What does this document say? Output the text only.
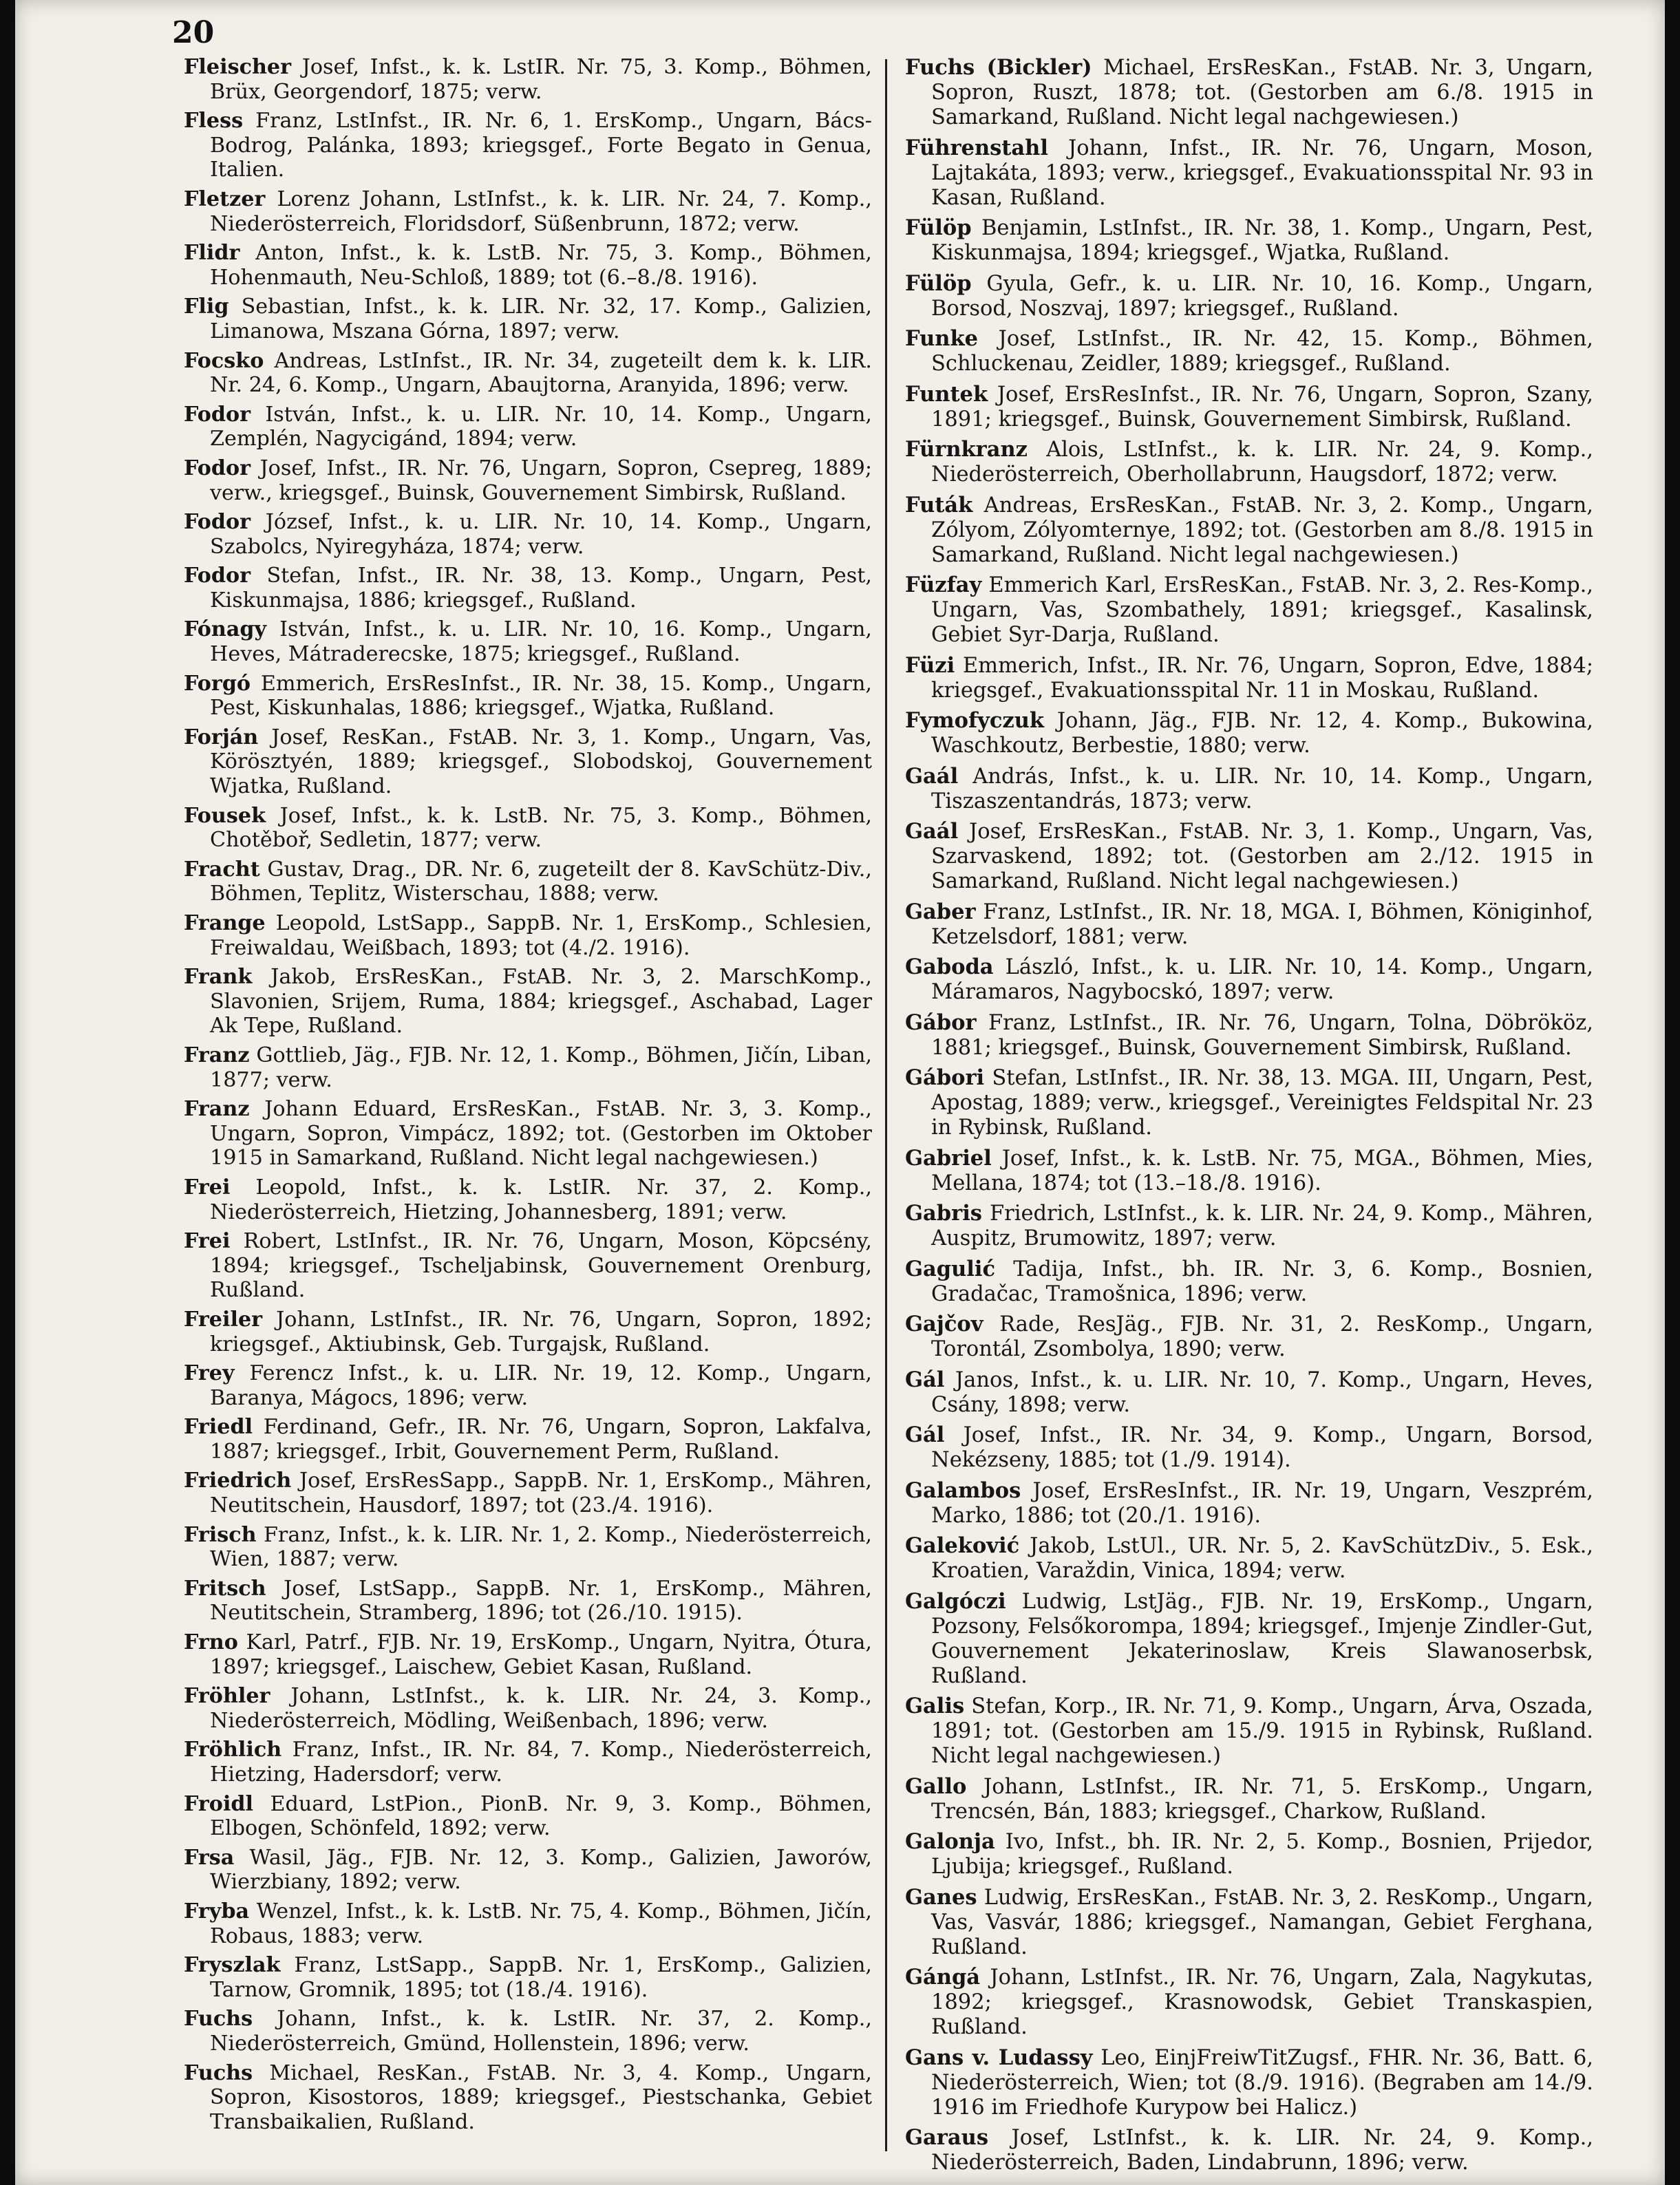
20

Fleischer Josef, Infst., k. k. LstIR. Nr. 75, 3. Komp., Böhmen, Brüx, Georgendorf, 1875; verw.

Fless Franz, LstInfst., IR. Nr. 6, 1. ErsKomp., Ungarn, Bács-Bodrog, Palánka, 1893; kriegsgef., Forte Begato in Genua, Italien.

Fletzer Lorenz Johann, LstInfst., k. k. LIR. Nr. 24, 7. Komp., Niederösterreich, Floridsdorf, Süßenbrunn, 1872; verw.

Flidr Anton, Infst., k. k. LstB. Nr. 75, 3. Komp., Böhmen, Hohenmauth, Neu-Schloß, 1889; tot (6.–8./8. 1916).

Flig Sebastian, Infst., k. k. LIR. Nr. 32, 17. Komp., Galizien, Limanowa, Mszana Górna, 1897; verw.

Focsko Andreas, LstInfst., IR. Nr. 34, zugeteilt dem k. k. LIR. Nr. 24, 6. Komp., Ungarn, Abaujtorna, Aranyida, 1896; verw.

Fodor István, Infst., k. u. LIR. Nr. 10, 14. Komp., Ungarn, Zemplén, Nagycigánd, 1894; verw.

Fodor Josef, Infst., IR. Nr. 76, Ungarn, Sopron, Csepreg, 1889; verw., kriegsgef., Buinsk, Gouvernement Simbirsk, Rußland.

Fodor József, Infst., k. u. LIR. Nr. 10, 14. Komp., Ungarn, Szabolcs, Nyiregyháza, 1874; verw.

Fodor Stefan, Infst., IR. Nr. 38, 13. Komp., Ungarn, Pest, Kiskunmajsa, 1886; kriegsgef., Rußland.

Fónagy István, Infst., k. u. LIR. Nr. 10, 16. Komp., Ungarn, Heves, Mátraderecske, 1875; kriegsgef., Rußland.

Forgó Emmerich, ErsResInfst., IR. Nr. 38, 15. Komp., Ungarn, Pest, Kiskunhalas, 1886; kriegsgef., Wjatka, Rußland.

Forján Josef, ResKan., FstAB. Nr. 3, 1. Komp., Ungarn, Vas, Körösztyén, 1889; kriegsgef., Slobodskoj, Gouvernement Wjatka, Rußland.

Fousek Josef, Infst., k. k. LstB. Nr. 75, 3. Komp., Böhmen, Chotěboř, Sedletin, 1877; verw.

Fracht Gustav, Drag., DR. Nr. 6, zugeteilt der 8. KavSchütz-Div., Böhmen, Teplitz, Wisterschau, 1888; verw.

Frange Leopold, LstSapp., SappB. Nr. 1, ErsKomp., Schlesien, Freiwaldau, Weißbach, 1893; tot (4./2. 1916).

Frank Jakob, ErsResKan., FstAB. Nr. 3, 2. MarschKomp., Slavonien, Srijem, Ruma, 1884; kriegsgef., Aschabad, Lager Ak Tepe, Rußland.

Franz Gottlieb, Jäg., FJB. Nr. 12, 1. Komp., Böhmen, Jičín, Liban, 1877; verw.

Franz Johann Eduard, ErsResKan., FstAB. Nr. 3, 3. Komp., Ungarn, Sopron, Vimpácz, 1892; tot. (Gestorben im Oktober 1915 in Samarkand, Rußland. Nicht legal nachgewiesen.)

Frei Leopold, Infst., k. k. LstIR. Nr. 37, 2. Komp., Niederösterreich, Hietzing, Johannesberg, 1891; verw.

Frei Robert, LstInfst., IR. Nr. 76, Ungarn, Moson, Köpcsény, 1894; kriegsgef., Tscheljabinsk, Gouvernement Orenburg, Rußland.

Freiler Johann, LstInfst., IR. Nr. 76, Ungarn, Sopron, 1892; kriegsgef., Aktiubinsk, Geb. Turgajsk, Rußland.

Frey Ferencz Infst., k. u. LIR. Nr. 19, 12. Komp., Ungarn, Baranya, Mágocs, 1896; verw.

Friedl Ferdinand, Gefr., IR. Nr. 76, Ungarn, Sopron, Lakfalva, 1887; kriegsgef., Irbit, Gouvernement Perm, Rußland.

Friedrich Josef, ErsResSapp., SappB. Nr. 1, ErsKomp., Mähren, Neutitschein, Hausdorf, 1897; tot (23./4. 1916).

Frisch Franz, Infst., k. k. LIR. Nr. 1, 2. Komp., Niederösterreich, Wien, 1887; verw.

Fritsch Josef, LstSapp., SappB. Nr. 1, ErsKomp., Mähren, Neutitschein, Stramberg, 1896; tot (26./10. 1915).

Frno Karl, Patrf., FJB. Nr. 19, ErsKomp., Ungarn, Nyitra, Ótura, 1897; kriegsgef., Laischew, Gebiet Kasan, Rußland.

Fröhler Johann, LstInfst., k. k. LIR. Nr. 24, 3. Komp., Niederösterreich, Mödling, Weißenbach, 1896; verw.

Fröhlich Franz, Infst., IR. Nr. 84, 7. Komp., Niederösterreich, Hietzing, Hadersdorf; verw.

Froidl Eduard, LstPion., PionB. Nr. 9, 3. Komp., Böhmen, Elbogen, Schönfeld, 1892; verw.

Frsa Wasil, Jäg., FJB. Nr. 12, 3. Komp., Galizien, Jaworów, Wierzbiany, 1892; verw.

Fryba Wenzel, Infst., k. k. LstB. Nr. 75, 4. Komp., Böhmen, Jičín, Robaus, 1883; verw.

Fryszlak Franz, LstSapp., SappB. Nr. 1, ErsKomp., Galizien, Tarnow, Gromnik, 1895; tot (18./4. 1916).

Fuchs Johann, Infst., k. k. LstIR. Nr. 37, 2. Komp., Niederösterreich, Gmünd, Hollenstein, 1896; verw.

Fuchs Michael, ResKan., FstAB. Nr. 3, 4. Komp., Ungarn, Sopron, Kisostoros, 1889; kriegsgef., Piestschanka, Gebiet Transbaikalien, Rußland.

Fuchs (Bickler) Michael, ErsResKan., FstAB. Nr. 3, Ungarn, Sopron, Ruszt, 1878; tot. (Gestorben am 6./8. 1915 in Samarkand, Rußland. Nicht legal nachgewiesen.)

Führenstahl Johann, Infst., IR. Nr. 76, Ungarn, Moson, Lajtakáta, 1893; verw., kriegsgef., Evakuationsspital Nr. 93 in Kasan, Rußland.

Fülöp Benjamin, LstInfst., IR. Nr. 38, 1. Komp., Ungarn, Pest, Kiskunmajsa, 1894; kriegsgef., Wjatka, Rußland.

Fülöp Gyula, Gefr., k. u. LIR. Nr. 10, 16. Komp., Ungarn, Borsod, Noszvaj, 1897; kriegsgef., Rußland.

Funke Josef, LstInfst., IR. Nr. 42, 15. Komp., Böhmen, Schluckenau, Zeidler, 1889; kriegsgef., Rußland.

Funtek Josef, ErsResInfst., IR. Nr. 76, Ungarn, Sopron, Szany, 1891; kriegsgef., Buinsk, Gouvernement Simbirsk, Rußland.

Fürnkranz Alois, LstInfst., k. k. LIR. Nr. 24, 9. Komp., Niederösterreich, Oberhollabrunn, Haugsdorf, 1872; verw.

Futák Andreas, ErsResKan., FstAB. Nr. 3, 2. Komp., Ungarn, Zólyom, Zólyomternye, 1892; tot. (Gestorben am 8./8. 1915 in Samarkand, Rußland. Nicht legal nachgewiesen.)

Füzfay Emmerich Karl, ErsResKan., FstAB. Nr. 3, 2. Res-Komp., Ungarn, Vas, Szombathely, 1891; kriegsgef., Kasalinsk, Gebiet Syr-Darja, Rußland.

Füzi Emmerich, Infst., IR. Nr. 76, Ungarn, Sopron, Edve, 1884; kriegsgef., Evakuationsspital Nr. 11 in Moskau, Rußland.

Fymofyczuk Johann, Jäg., FJB. Nr. 12, 4. Komp., Bukowina, Waschkoutz, Berbestie, 1880; verw.

Gaál András, Infst., k. u. LIR. Nr. 10, 14. Komp., Ungarn, Tiszaszentandrás, 1873; verw.

Gaál Josef, ErsResKan., FstAB. Nr. 3, 1. Komp., Ungarn, Vas, Szarvaskend, 1892; tot. (Gestorben am 2./12. 1915 in Samarkand, Rußland. Nicht legal nachgewiesen.)

Gaber Franz, LstInfst., IR. Nr. 18, MGA. I, Böhmen, Königinhof, Ketzelsdorf, 1881; verw.

Gaboda László, Infst., k. u. LIR. Nr. 10, 14. Komp., Ungarn, Máramaros, Nagybocskó, 1897; verw.

Gábor Franz, LstInfst., IR. Nr. 76, Ungarn, Tolna, Döbrököz, 1881; kriegsgef., Buinsk, Gouvernement Simbirsk, Rußland.

Gábori Stefan, LstInfst., IR. Nr. 38, 13. MGA. III, Ungarn, Pest, Apostag, 1889; verw., kriegsgef., Vereinigtes Feldspital Nr. 23 in Rybinsk, Rußland.

Gabriel Josef, Infst., k. k. LstB. Nr. 75, MGA., Böhmen, Mies, Mellana, 1874; tot (13.–18./8. 1916).

Gabris Friedrich, LstInfst., k. k. LIR. Nr. 24, 9. Komp., Mähren, Auspitz, Brumowitz, 1897; verw.

Gagulić Tadija, Infst., bh. IR. Nr. 3, 6. Komp., Bosnien, Gradačac, Tramošnica, 1896; verw.

Gajčov Rade, ResJäg., FJB. Nr. 31, 2. ResKomp., Ungarn, Torontál, Zsombolya, 1890; verw.

Gál Janos, Infst., k. u. LIR. Nr. 10, 7. Komp., Ungarn, Heves, Csány, 1898; verw.

Gál Josef, Infst., IR. Nr. 34, 9. Komp., Ungarn, Borsod, Nekézseny, 1885; tot (1./9. 1914).

Galambos Josef, ErsResInfst., IR. Nr. 19, Ungarn, Veszprém, Marko, 1886; tot (20./1. 1916).

Galeković Jakob, LstUl., UR. Nr. 5, 2. KavSchützDiv., 5. Esk., Kroatien, Varaždin, Vinica, 1894; verw.

Galgóczi Ludwig, LstJäg., FJB. Nr. 19, ErsKomp., Ungarn, Pozsony, Felsőkorompa, 1894; kriegsgef., Imjenje Zindler-Gut, Gouvernement Jekaterinoslaw, Kreis Slawanoserbsk, Rußland.

Galis Stefan, Korp., IR. Nr. 71, 9. Komp., Ungarn, Árva, Oszada, 1891; tot. (Gestorben am 15./9. 1915 in Rybinsk, Rußland. Nicht legal nachgewiesen.)

Gallo Johann, LstInfst., IR. Nr. 71, 5. ErsKomp., Ungarn, Trencsén, Bán, 1883; kriegsgef., Charkow, Rußland.

Galonja Ivo, Infst., bh. IR. Nr. 2, 5. Komp., Bosnien, Prijedor, Ljubija; kriegsgef., Rußland.

Ganes Ludwig, ErsResKan., FstAB. Nr. 3, 2. ResKomp., Ungarn, Vas, Vasvár, 1886; kriegsgef., Namangan, Gebiet Ferghana, Rußland.

Gángá Johann, LstInfst., IR. Nr. 76, Ungarn, Zala, Nagykutas, 1892; kriegsgef., Krasnowodsk, Gebiet Transkaspien, Rußland.

Gans v. Ludassy Leo, EinjFreiwTitZugsf., FHR. Nr. 36, Batt. 6, Niederösterreich, Wien; tot (8./9. 1916). (Begraben am 14./9. 1916 im Friedhofe Kurypow bei Halicz.)

Garaus Josef, LstInfst., k. k. LIR. Nr. 24, 9. Komp., Niederösterreich, Baden, Lindabrunn, 1896; verw.
